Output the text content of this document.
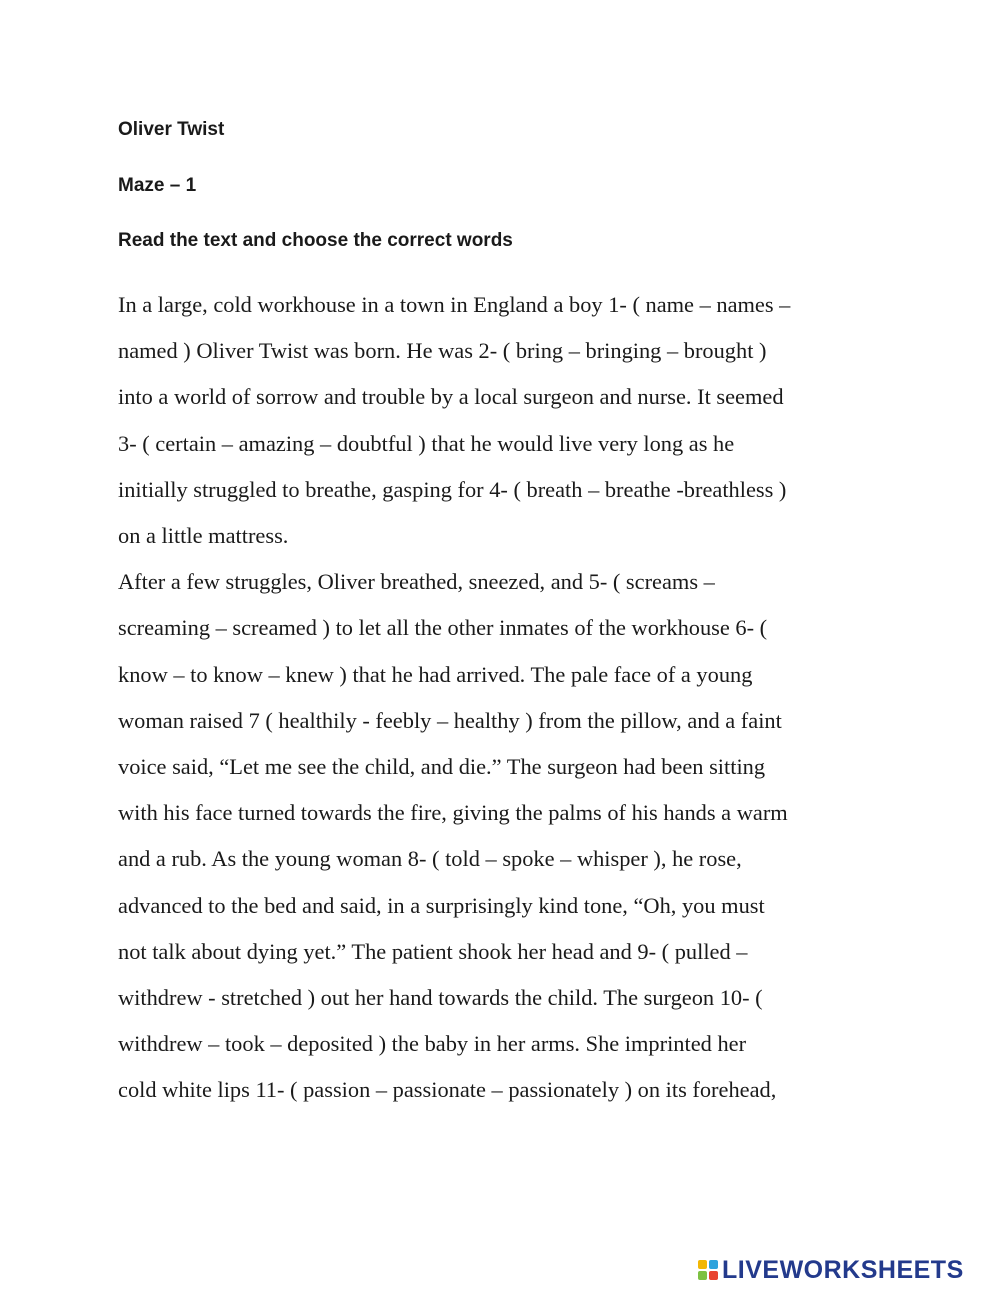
Oliver Twist

Maze – 1

Read the text and choose the correct words

In a large, cold workhouse in a town in England a boy 1- ( name – names –
named ) Oliver Twist was born. He was 2- ( bring – bringing – brought )
into a world of sorrow and trouble by a local surgeon and nurse. It seemed
3- ( certain – amazing – doubtful ) that he would live very long as he
initially struggled to breathe, gasping for 4- ( breath – breathe -breathless )
on a little mattress.
After a few struggles, Oliver breathed, sneezed, and 5- ( screams –
screaming – screamed ) to let all the other inmates of the workhouse 6- (
know – to know – knew ) that he had arrived. The pale face of a young
woman raised 7 ( healthily - feebly – healthy ) from the pillow, and a faint
voice said, “Let me see the child, and die.” The surgeon had been sitting
with his face turned towards the fire, giving the palms of his hands a warm
and a rub. As the young woman 8- ( told – spoke – whisper ), he rose,
advanced to the bed and said, in a surprisingly kind tone, “Oh, you must
not talk about dying yet.” The patient shook her head and 9- ( pulled –
withdrew - stretched ) out her hand towards the child. The surgeon 10- (
withdrew – took – deposited ) the baby in her arms. She imprinted her
cold white lips 11- ( passion – passionate – passionately ) on its forehead,
LIVEWORKSHEETS
